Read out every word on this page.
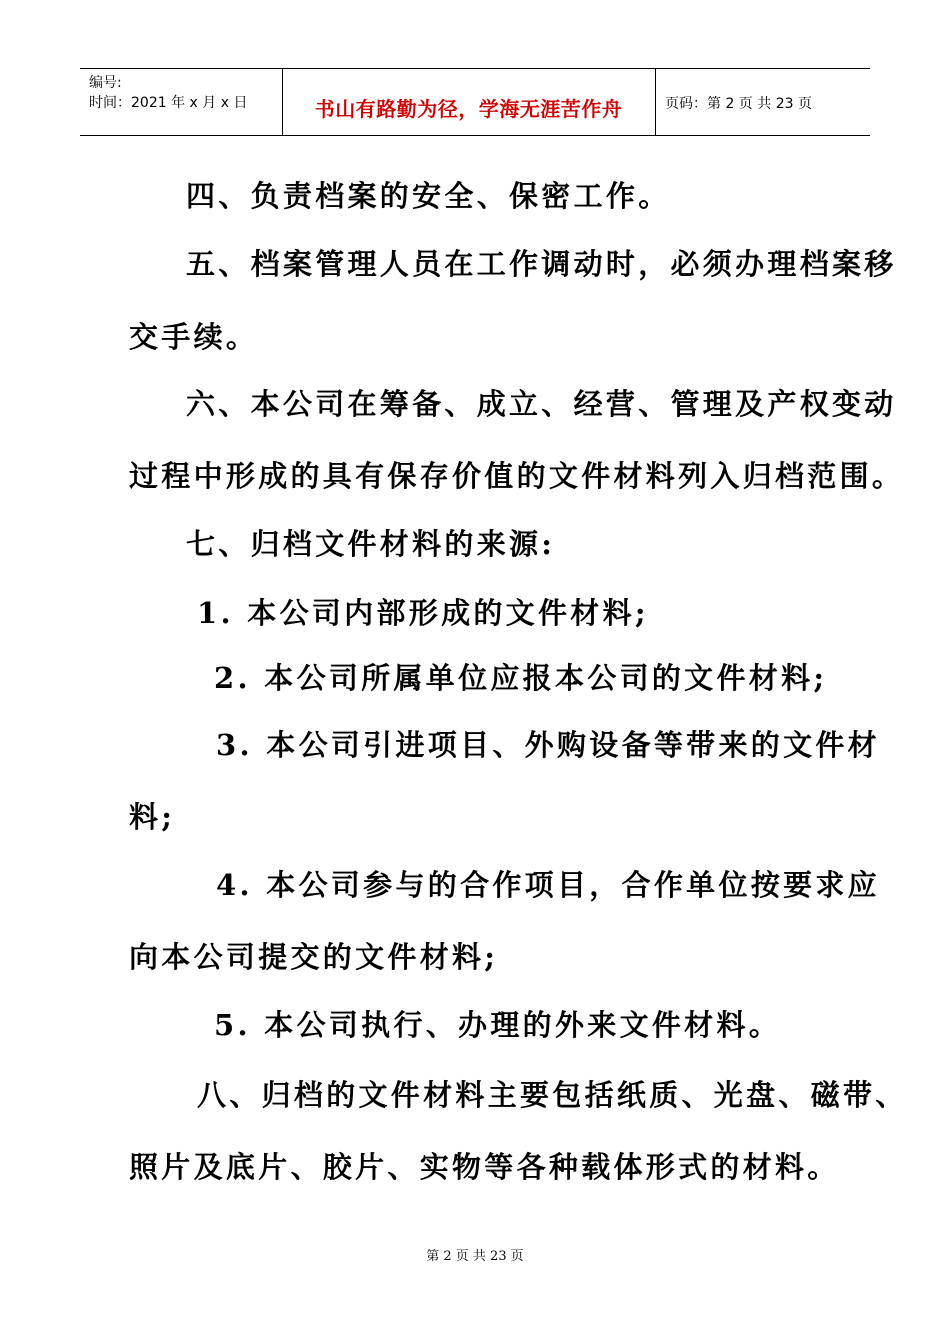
编号:
时间：2021 年 x 月 x 日	书山有路勤为径，学海无涯苦作舟	页码：第 2 页 共 23 页
四、负责档案的安全、保密工作。
五、档案管理人员在工作调动时，必须办理档案移
交手续。
六、本公司在筹备、成立、经营、管理及产权变动
过程中形成的具有保存价值的文件材料列入归档范围。
七、归档文件材料的来源:
1. 本公司内部形成的文件材料;
2. 本公司所属单位应报本公司的文件材料;
3. 本公司引进项目、外购设备等带来的文件材
料;
4. 本公司参与的合作项目，合作单位按要求应
向本公司提交的文件材料;
5. 本公司执行、办理的外来文件材料。
八、归档的文件材料主要包括纸质、光盘、磁带、
照片及底片、胶片、实物等各种载体形式的材料。
第 2 页 共 23 页
